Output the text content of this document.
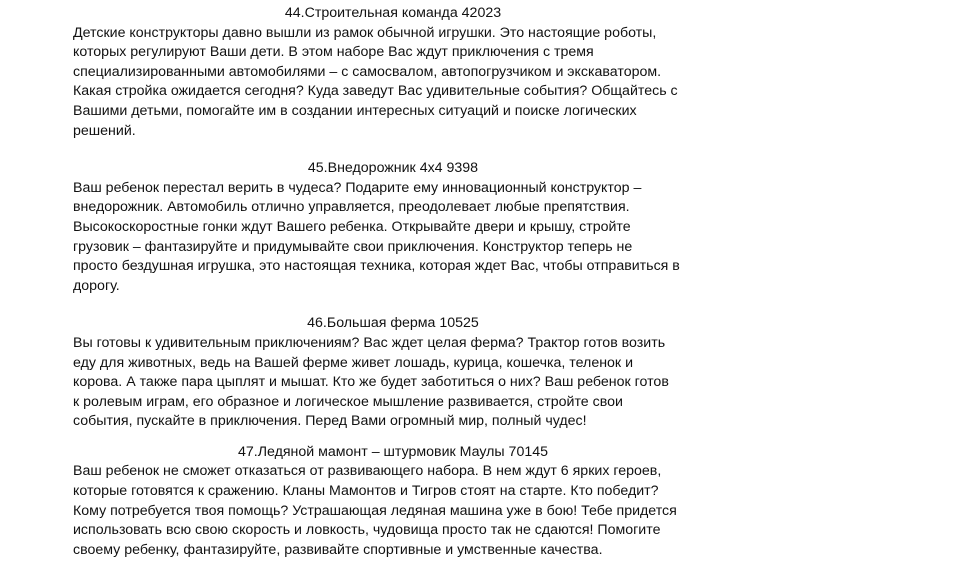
44.Строительная команда 42023
Детские конструкторы давно вышли из рамок обычной игрушки. Это настоящие роботы,
которых регулируют Ваши дети. В этом наборе Вас ждут приключения с тремя
специализированными автомобилями – с самосвалом, автопогрузчиком и экскаватором.
Какая стройка ожидается сегодня? Куда заведут Вас удивительные события? Общайтесь с
Вашими детьми, помогайте им в создании интересных ситуаций и поиске логических
решений.
45.Внедорожник 4х4 9398
Ваш ребенок перестал верить в чудеса? Подарите ему инновационный конструктор –
внедорожник. Автомобиль отлично управляется, преодолевает любые препятствия.
Высокоскоростные гонки ждут Вашего ребенка. Открывайте двери и крышу, стройте
грузовик – фантазируйте и придумывайте свои приключения. Конструктор теперь не
просто бездушная игрушка, это настоящая техника, которая ждет Вас, чтобы отправиться в
дорогу.
46.Большая ферма 10525
Вы готовы к удивительным приключениям? Вас ждет целая ферма? Трактор готов возить
еду для животных, ведь на Вашей ферме живет лошадь, курица, кошечка, теленок и
корова. А также пара цыплят и мышат. Кто же будет заботиться о них? Ваш ребенок готов
к ролевым играм, его образное и логическое мышление развивается, стройте свои
события, пускайте в приключения. Перед Вами огромный мир, полный чудес!
47.Ледяной мамонт – штурмовик Маулы 70145
Ваш ребенок не сможет отказаться от развивающего набора. В нем ждут 6 ярких героев,
которые готовятся к сражению. Кланы Мамонтов и Тигров стоят на старте. Кто победит?
Кому потребуется твоя помощь? Устрашающая ледяная машина уже в бою! Тебе придется
использовать всю свою скорость и ловкость, чудовища просто так не сдаются! Помогите
своему ребенку, фантазируйте, развивайте спортивные и умственные качества.
